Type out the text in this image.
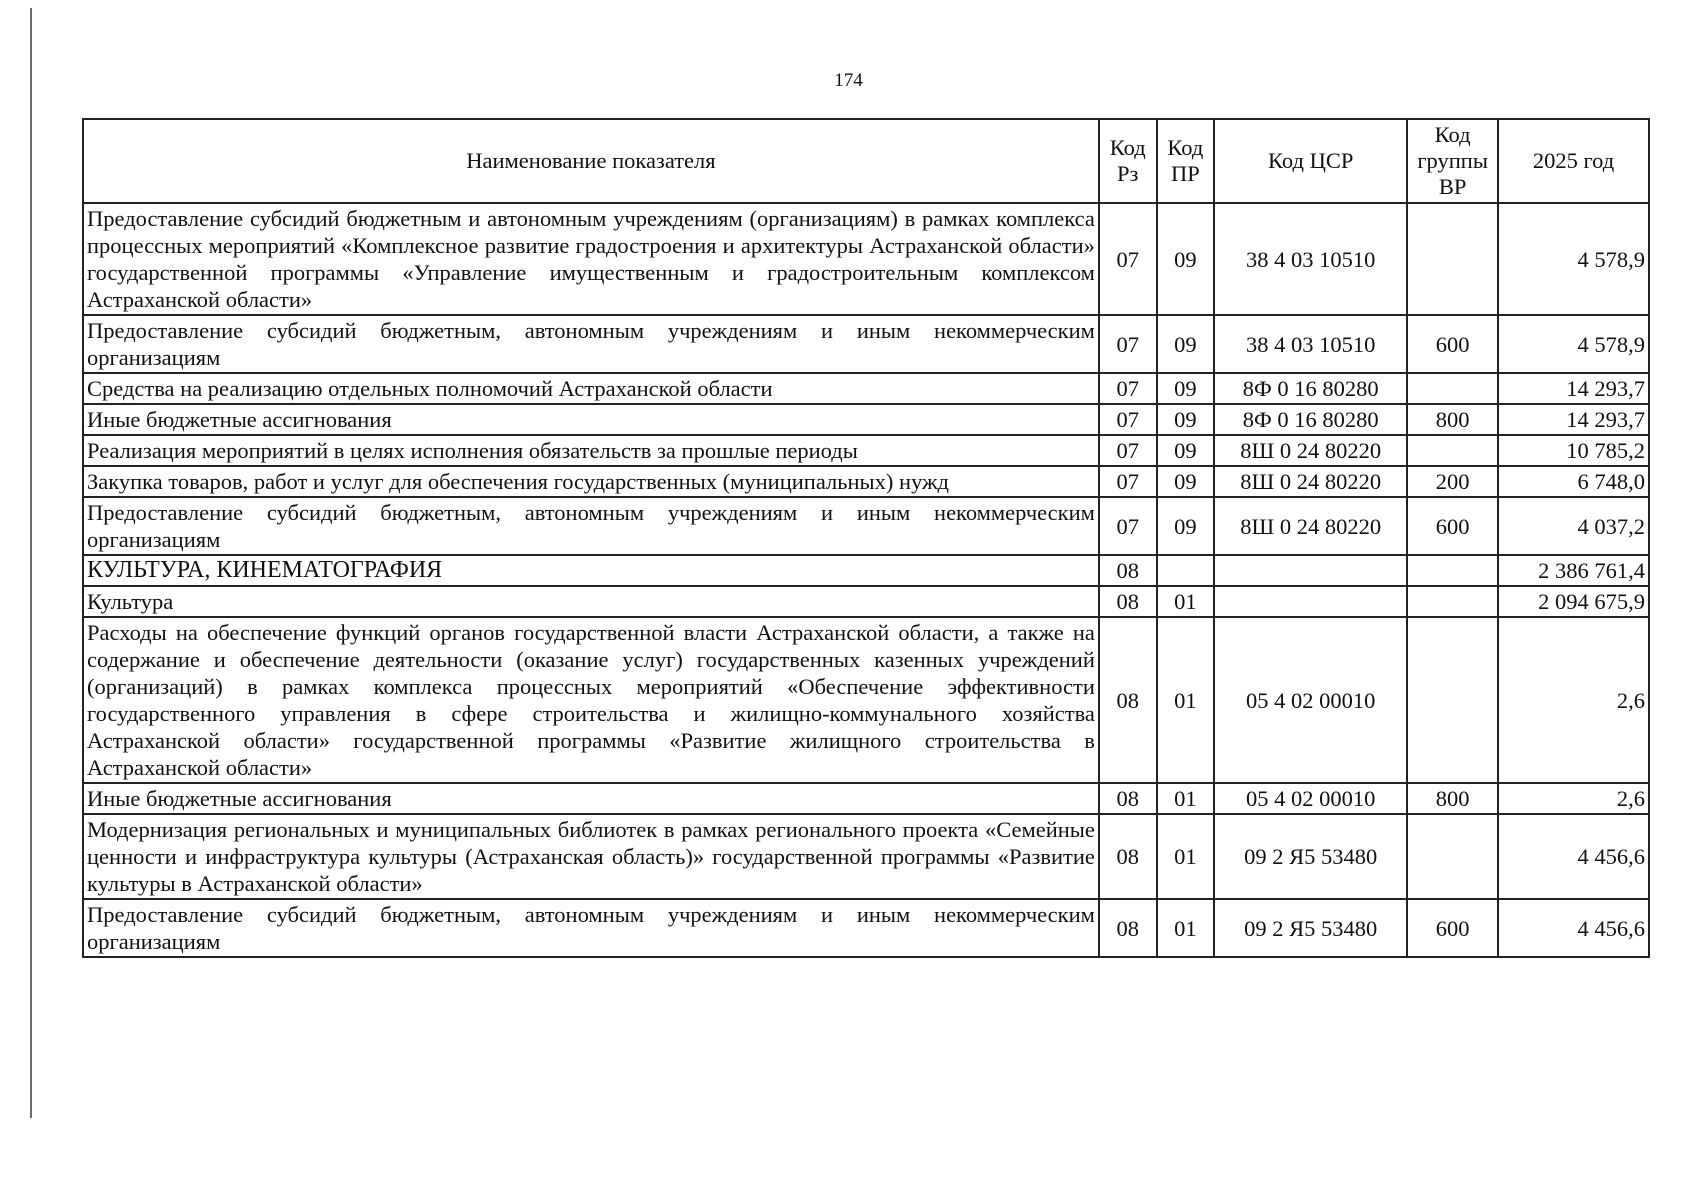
174
Наименование показателя	Код Рз	Код ПР	Код ЦСР	Код группы ВР	2025 год
Предоставление субсидий бюджетным и автономным учреждениям (организациям) в рамках комплекса процессных мероприятий «Комплексное развитие градостроения и архитектуры Астраханской области» государственной программы «Управление имущественным и градостроительным комплексом Астраханской области»	07	09	38 4 03 10510		4 578,9
Предоставление субсидий бюджетным, автономным учреждениям и иным некоммерческим организациям	07	09	38 4 03 10510	600	4 578,9
Средства на реализацию отдельных полномочий Астраханской области	07	09	8Ф 0 16 80280		14 293,7
Иные бюджетные ассигнования	07	09	8Ф 0 16 80280	800	14 293,7
Реализация мероприятий в целях исполнения обязательств за прошлые периоды	07	09	8Ш 0 24 80220		10 785,2
Закупка товаров, работ и услуг для обеспечения государственных (муниципальных) нужд	07	09	8Ш 0 24 80220	200	6 748,0
Предоставление субсидий бюджетным, автономным учреждениям и иным некоммерческим организациям	07	09	8Ш 0 24 80220	600	4 037,2
КУЛЬТУРА, КИНЕМАТОГРАФИЯ	08				2 386 761,4
Культура	08	01			2 094 675,9
Расходы на обеспечение функций органов государственной власти Астраханской области, а также на содержание и обеспечение деятельности (оказание услуг) государственных казенных учреждений (организаций) в рамках комплекса процессных мероприятий «Обеспечение эффективности государственного управления в сфере строительства и жилищно-коммунального хозяйства Астраханской области» государственной программы «Развитие жилищного строительства в Астраханской области»	08	01	05 4 02 00010		2,6
Иные бюджетные ассигнования	08	01	05 4 02 00010	800	2,6
Модернизация региональных и муниципальных библиотек в рамках регионального проекта «Семейные ценности и инфраструктура культуры (Астраханская область)» государственной программы «Развитие культуры в Астраханской области»	08	01	09 2 Я5 53480		4 456,6
Предоставление субсидий бюджетным, автономным учреждениям и иным некоммерческим организациям	08	01	09 2 Я5 53480	600	4 456,6
